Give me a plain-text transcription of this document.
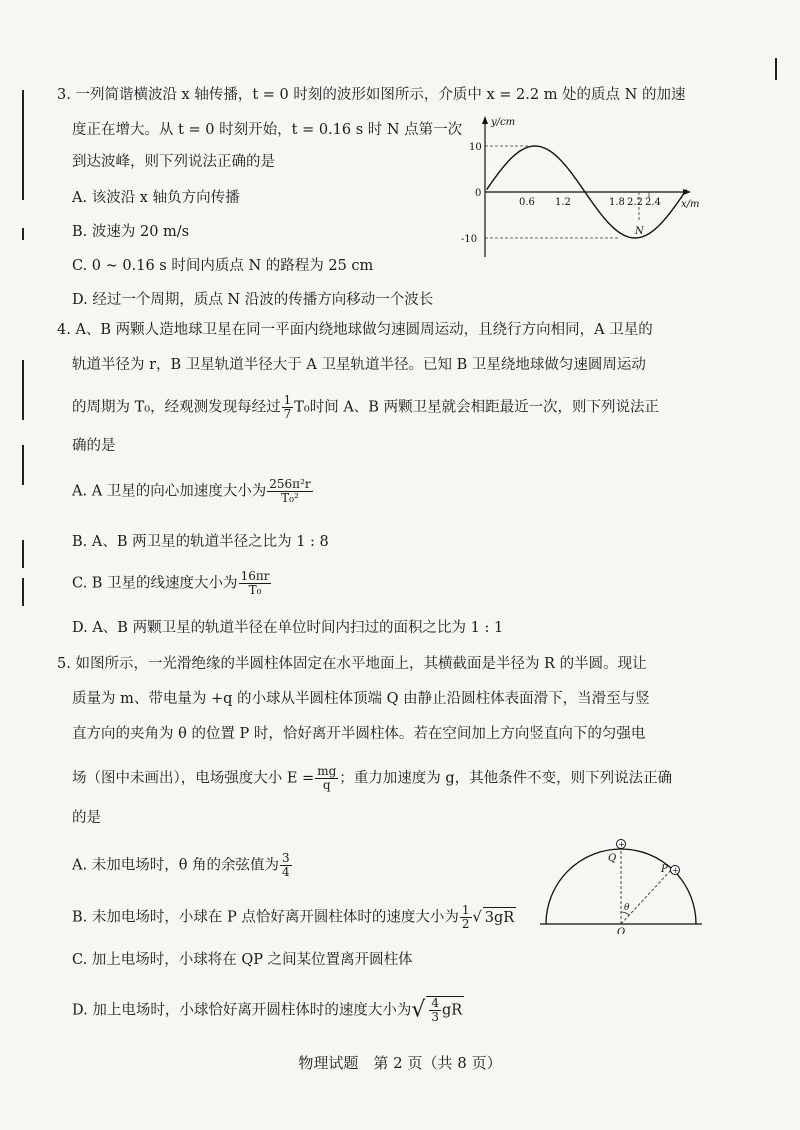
3. 一列简谐横波沿 x 轴传播，t = 0 时刻的波形如图所示，介质中 x = 2.2 m 处的质点 N 的加速
度正在增大。从 t = 0 时刻开始，t = 0.16 s 时 N 点第一次
到达波峰，则下列说法正确的是
A. 该波沿 x 轴负方向传播
B. 波速为 20 m/s
C. 0 ~ 0.16 s 时间内质点 N 的路程为 25 cm
D. 经过一个周期，质点 N 沿波的传播方向移动一个波长
y/cm
x/m
0
10
-10
0.6 1.2	1.8 2.2 2.4
N
4. A、B 两颗人造地球卫星在同一平面内绕地球做匀速圆周运动，且绕行方向相同，A 卫星的
轨道半径为 r，B 卫星轨道半径大于 A 卫星轨道半径。已知 B 卫星绕地球做匀速圆周运动
的周期为 T₀，经观测发现每经过 $\frac{1}{7} T_0$时间 A、B 两颗卫星就会相距最近一次，则下列说法正
确的是
A. A 卫星的向心加速度大小为 $\frac{\text{256π²r}}{\text{T₀²}}$
B. A、B 两卫星的轨道半径之比为 1 : 8
C. B 卫星的线速度大小为 $\frac{16\pi r}{\text{T₀}}$
D. A、B 两颗卫星的轨道半径在单位时间内扫过的面积之比为 1 : 1
5. 如图所示，一光滑绝缘的半圆柱体固定在水平地面上，其横截面是半径为 R 的半圆。现让
质量为 m、带电量为 +q 的小球从半圆柱体顶端 Q 由静止沿圆柱体表面滑下，当滑至与竖
直方向的夹角为 θ 的位置 P 时，恰好离开半圆柱体。若在空间加上方向竖直向下的匀强电
场（图中未画出），电场强度大小 $E = \frac{mg}{q}$ ；重力加速度为 g，其他条件不变，则下列说法正确
的是
A. 未加电场时，θ 角的余弦值为 $\frac{3}{4}$
B. 未加电场时，小球在 P 点恰好离开圆柱体时的速度大小为 $\frac{1}{2}$ √ 3gR
C. 加上电场时，小球将在 QP 之间某位置离开圆柱体
D. 加上电场时，小球恰好离开圆柱体时的速度大小为√ $\frac{4}{3}$ gR
+
+
Q
P
θ
O
物理试题　第 2 页（共 8 页）
